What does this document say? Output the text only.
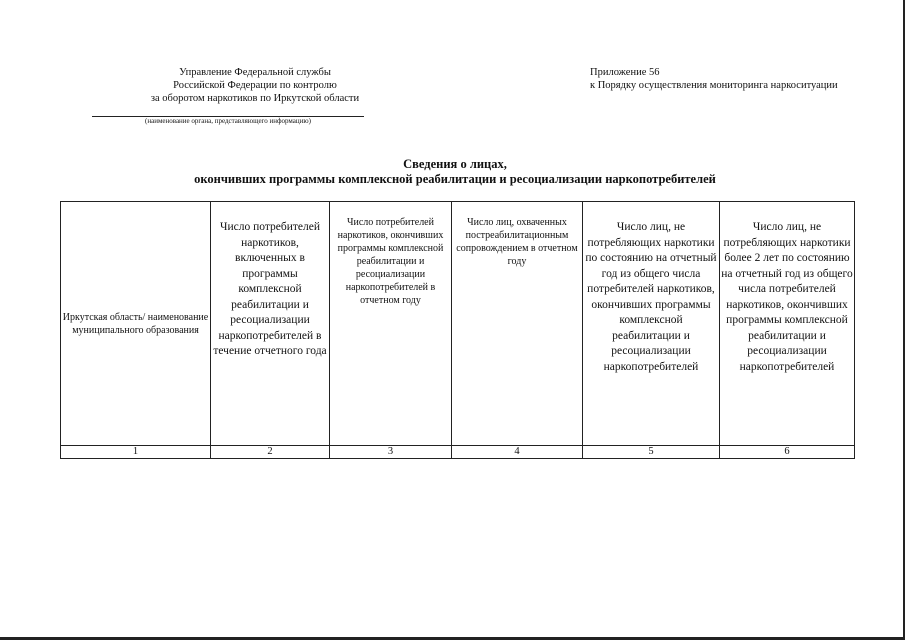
Управление Федеральной службы
Российской Федерации по контролю
за оборотом наркотиков по Иркутской области
(наименование органа, представляющего информацию)
Приложение 56
к Порядку осуществления мониторинга наркоситуации
Сведения о лицах,
окончивших программы комплексной реабилитации и ресоциализации наркопотребителей
Иркутская область/ наименование муниципального образования	Число потребителей наркотиков, включенных в программы комплексной реабилитации и ресоциализации наркопотребителей в течение отчетного года	Число потребителей наркотиков, окончивших программы комплексной реабилитации и ресоциализации наркопотребителей в отчетном году	Число лиц, охваченных постреабилитационным сопровождением в отчетном году	Число лиц, не потребляющих наркотики по состоянию на отчетный год из общего числа потребителей наркотиков, окончивших программы комплексной реабилитации и ресоциализации наркопотребителей	Число лиц, не потребляющих наркотики более 2 лет по состоянию на отчетный год из общего числа потребителей наркотиков, окончивших программы комплексной реабилитации и ресоциализации наркопотребителей
1	2	3	4	5	6
